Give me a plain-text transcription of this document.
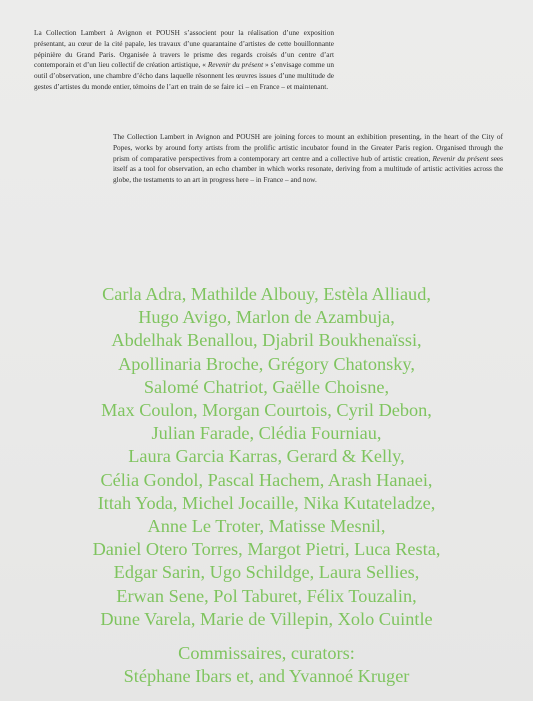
La Collection Lambert à Avignon et POUSH s’associent pour la réalisation d’une exposition présentant, au cœur de la cité papale, les travaux d’une quarantaine d’artistes de cette bouillonnante pépinière du Grand Paris. Organisée à travers le prisme des regards croisés d’un centre d’art contemporain et d’un lieu collectif de création artistique, « Revenir du présent » s’envisage comme un outil d’observation, une chambre d’écho dans laquelle résonnent les œuvres issues d’une multitude de gestes d’artistes du monde entier, témoins de l’art en train de se faire ici – en France – et maintenant.

The Collection Lambert in Avignon and POUSH are joining forces to mount an exhibition presenting, in the heart of the City of Popes, works by around forty artists from the prolific artistic incubator found in the Greater Paris region. Organised through the prism of comparative perspectives from a contemporary art centre and a collective hub of artistic creation, Revenir du présent sees itself as a tool for observation, an echo chamber in which works resonate, deriving from a multitude of artistic activities across the globe, the testaments to an art in progress here – in France – and now.

Carla Adra, Mathilde Albouy, Estèla Alliaud,
Hugo Avigo, Marlon de Azambuja,
Abdelhak Benallou, Djabril Boukhenaïssi,
Apollinaria Broche, Grégory Chatonsky,
Salomé Chatriot, Gaëlle Choisne,
Max Coulon, Morgan Courtois, Cyril Debon,
Julian Farade, Clédia Fourniau,
Laura Garcia Karras, Gerard & Kelly,
Célia Gondol, Pascal Hachem, Arash Hanaei,
Ittah Yoda, Michel Jocaille, Nika Kutateladze,
Anne Le Troter, Matisse Mesnil,
Daniel Otero Torres, Margot Pietri, Luca Resta,
Edgar Sarin, Ugo Schildge, Laura Sellies,
Erwan Sene, Pol Taburet, Félix Touzalin,
Dune Varela, Marie de Villepin, Xolo Cuintle

Commissaires, curators:
Stéphane Ibars et, and Yvannoé Kruger
